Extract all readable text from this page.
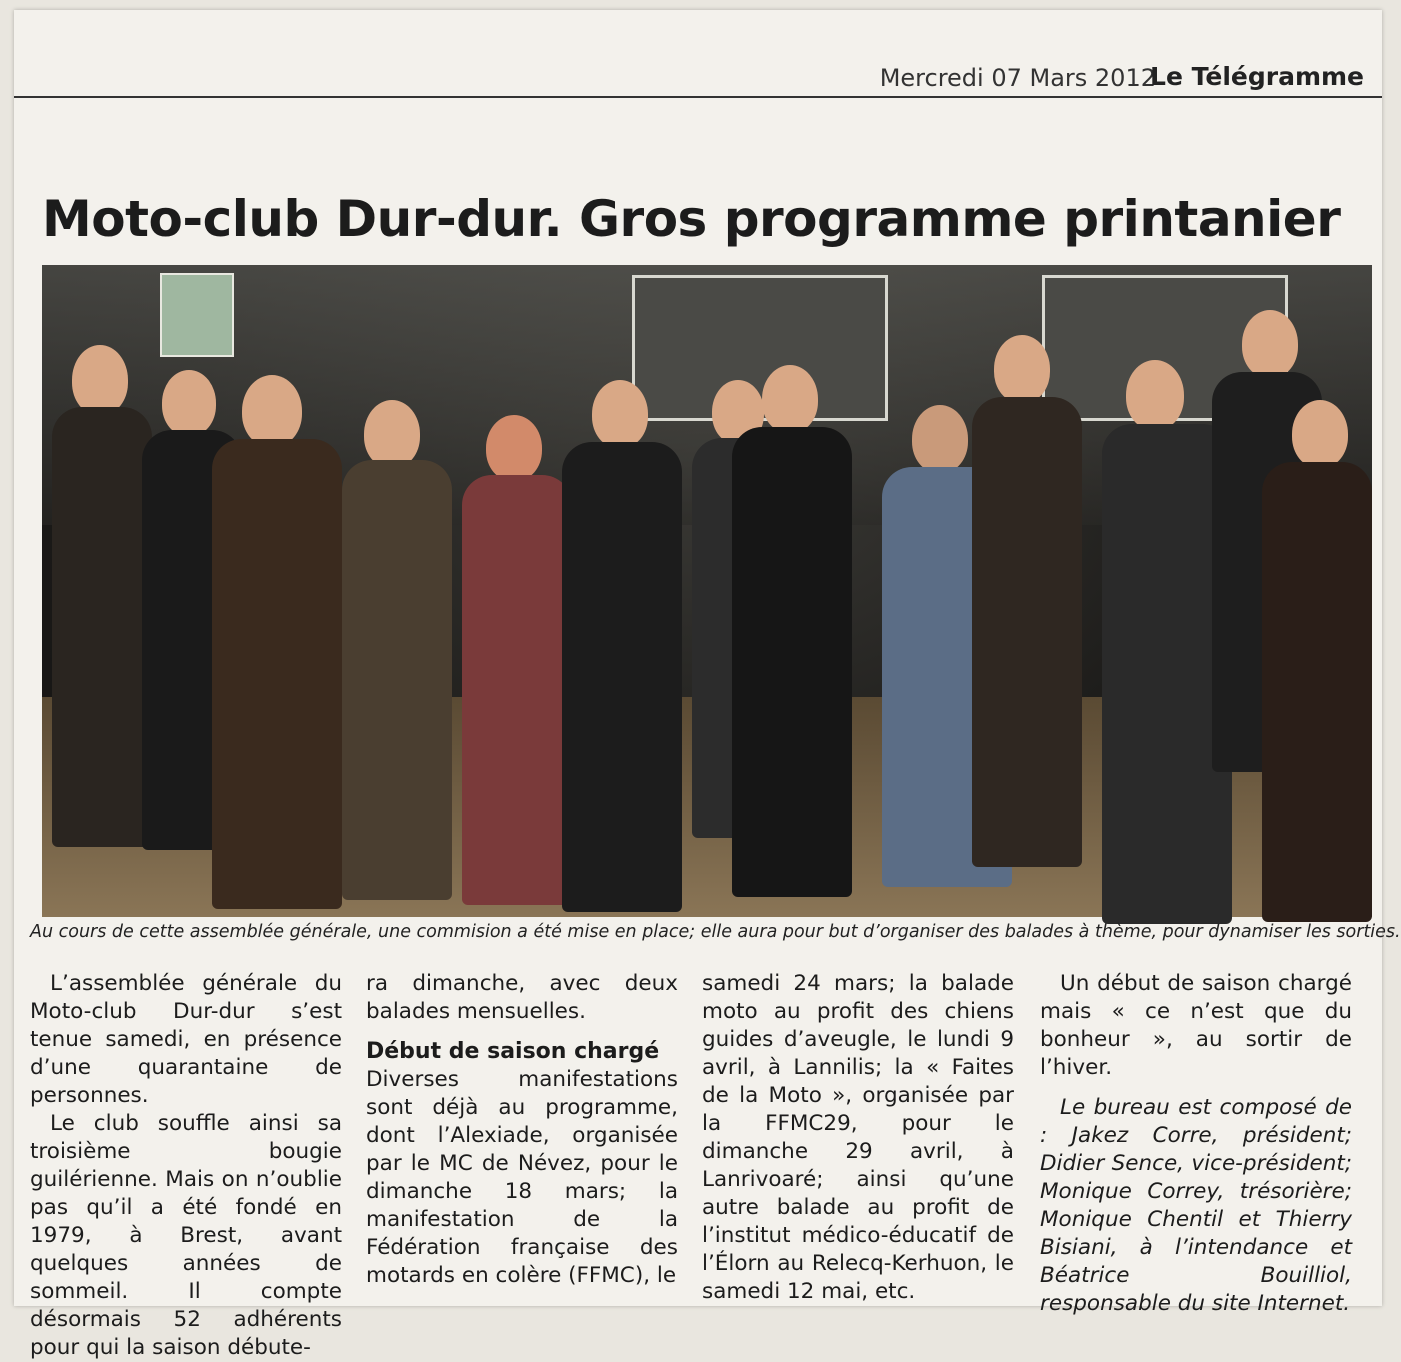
Mercredi 07 Mars 2012
Le Télégramme
Moto-club Dur-dur. Gros programme printanier
Au cours de cette assemblée générale, une commision a été mise en place; elle aura pour but d’organiser des balades à thème, pour dynamiser les sorties.

L’assemblée générale du Moto-club Dur-dur s’est tenue samedi, en présence d’une quarantaine de personnes.

Le club souffle ainsi sa troisième bougie guilérienne. Mais on n’oublie pas qu’il a été fondé en 1979, à Brest, avant quelques années de sommeil. Il compte désormais 52 adhérents pour qui la saison débute-

ra dimanche, avec deux balades mensuelles.

Début de saison chargé

Diverses manifestations sont déjà au programme, dont l’Alexiade, organisée par le MC de Névez, pour le dimanche 18 mars; la manifestation de la Fédération française des motards en colère (FFMC), le

samedi 24 mars; la balade moto au profit des chiens guides d’aveugle, le lundi 9 avril, à Lannilis; la « Faites de la Moto », organisée par la FFMC29, pour le dimanche 29 avril, à Lanrivoaré; ainsi qu’une autre balade au profit de l’institut médico-éducatif de l’Élorn au Relecq-Kerhuon, le samedi 12 mai, etc.

Un début de saison chargé mais « ce n’est que du bonheur », au sortir de l’hiver.

Le bureau est composé de : Jakez Corre, président; Didier Sence, vice-président; Monique Correy, trésorière; Monique Chentil et Thierry Bisiani, à l’intendance et Béatrice Bouilliol, responsable du site Internet.
